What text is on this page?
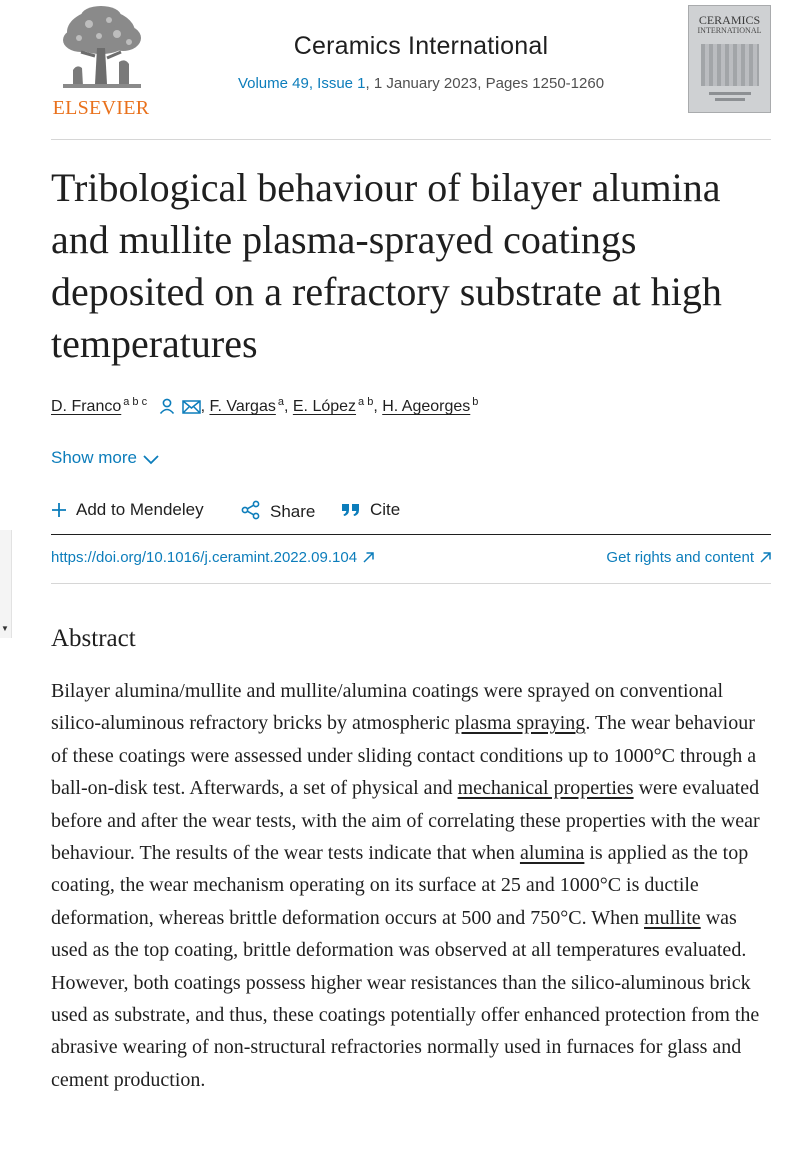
▼
ELSEVIER
Ceramics International
Volume 49, Issue 1, 1 January 2023, Pages 1250-1260
CERAMICS
INTERNATIONAL
Tribological behaviour of bilayer alumina and mullite plasma-sprayed coatings deposited on a refractory substrate at high temperatures
D. Franco $^{a b c}$	, F. Vargas $^a$, E. López $^{a b}$, H. Ageorges $^b$
Show more
Add to Mendeley	Share	Cite
https://doi.org/10.1016/j.ceramint.2022.09.104	Get rights and content
Abstract
Bilayer alumina/mullite and mullite/alumina coatings were sprayed on conventional silico-aluminous refractory bricks by atmospheric plasma spraying. The wear behaviour of these coatings were assessed under sliding contact conditions up to 1000°C through a ball-on-disk test. Afterwards, a set of physical and mechanical properties were evaluated before and after the wear tests, with the aim of correlating these properties with the wear behaviour. The results of the wear tests indicate that when alumina is applied as the top coating, the wear mechanism operating on its surface at 25 and 1000°C is ductile deformation, whereas brittle deformation occurs at 500 and 750°C. When mullite was used as the top coating, brittle deformation was observed at all temperatures evaluated. However, both coatings possess higher wear resistances than the silico-aluminous brick used as substrate, and thus, these coatings potentially offer enhanced protection from the abrasive wearing of non-structural refractories normally used in furnaces for glass and cement production.
